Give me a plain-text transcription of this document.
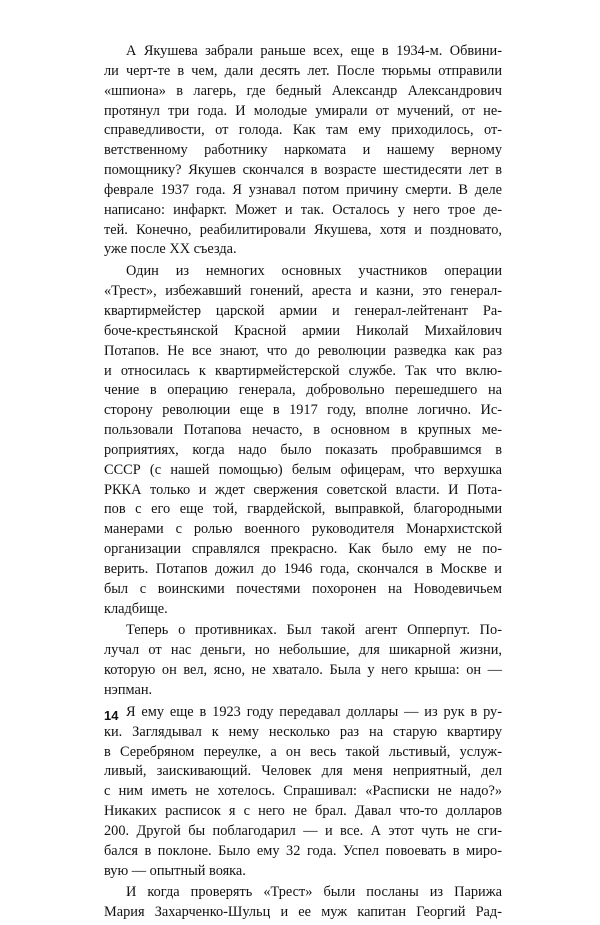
А Якушева забрали раньше всех, еще в 1934-м. Обвини-
ли черт-те в чем, дали десять лет. После тюрьмы отправили
«шпиона» в лагерь, где бедный Александр Александрович
протянул три года. И молодые умирали от мучений, от не-
справедливости, от голода. Как там ему приходилось, от-
ветственному работнику наркомата и нашему верному
помощнику? Якушев скончался в возрасте шестидесяти лет в
феврале 1937 года. Я узнавал потом причину смерти. В деле
написано: инфаркт. Может и так. Осталось у него трое де-
тей. Конечно, реабилитировали Якушева, хотя и поздновато,
уже после XX съезда.

Один из немногих основных участников операции
«Трест», избежавший гонений, ареста и казни, это генерал-
квартирмейстер царской армии и генерал-лейтенант Ра-
боче-крестьянской Красной армии Николай Михайлович
Потапов. Не все знают, что до революции разведка как раз
и относилась к квартирмейстерской службе. Так что вклю-
чение в операцию генерала, добровольно перешедшего на
сторону революции еще в 1917 году, вполне логично. Ис-
пользовали Потапова нечасто, в основном в крупных ме-
роприятиях, когда надо было показать пробравшимся в
СССР (с нашей помощью) белым офицерам, что верхушка
РККА только и ждет свержения советской власти. И Пота-
пов с его еще той, гвардейской, выправкой, благородными
манерами с ролью военного руководителя Монархистской
организации справлялся прекрасно. Как было ему не по-
верить. Потапов дожил до 1946 года, скончался в Москве и
был с воинскими почестями похоронен на Новодевичьем
кладбище.

Теперь о противниках. Был такой агент Опперпут. По-
лучал от нас деньги, но небольшие, для шикарной жизни,
которую он вел, ясно, не хватало. Была у него крыша: он —
нэпман.

Я ему еще в 1923 году передавал доллары — из рук в ру-
ки. Заглядывал к нему несколько раз на старую квартиру
в Серебряном переулке, а он весь такой льстивый, услуж-
ливый, заискивающий. Человек для меня неприятный, дел
с ним иметь не хотелось. Спрашивал: «Расписки не надо?»
Никаких расписок я с него не брал. Давал что-то долларов
200. Другой бы поблагодарил — и все. А этот чуть не сги-
бался в поклоне. Было ему 32 года. Успел повоевать в миро-
вую — опытный вояка.

И когда проверять «Трест» были посланы из Парижа
Мария Захарченко-Шульц и ее муж капитан Георгий Рад-

14
